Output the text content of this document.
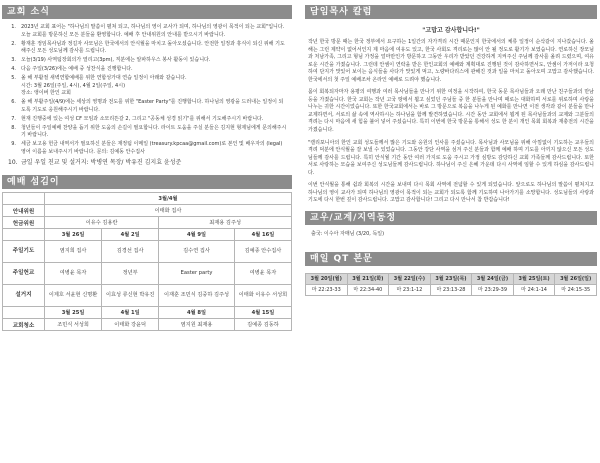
교회 소식
1.	2023년 교회 표어는 "하나님의 말씀이 펼쳐 되고, 하나님의 영이 교사가 되며, 하나님의 영광이 목적이 되는 교회"입니다. 오늘 교회를 방문하신 모든 분들을 환영합니다. 예배 후 안내위원의 안내를 받으시기 바랍니다.
2.	황재훈 정임목사님과 정길자 사모님은 한국에서의 안식월을 마치고 돌아오셨습니다. 안전한 일정과 휴식이 되신 위해 기도해주신 모든 성도님께 감사를 드립니다.
3.	오늘(3/19) 사역팀장회의가 열리고(3pm), 직분에는 알파하우스 봉사 활동이 있습니다.
4.	다음 주일(3/26)에는 예배 중 성찬식을 진행합니다.
5.	올 해 부활절 새벽연합예배를 위한 연합성가대 연습 일정이 아래와 같습니다.
시간: 3월 26일(주일, 4시), 4월 2일(주일, 4시)
장소: 앵이버 한인 교회
6.	올 해 부활주일(4/9)에는 세상의 영명과 전도를 위한 "Easter Party"를 진행합니다. 하나님의 영광을 드러내는 일정이 되도록 기도로 응원해주시기 바랍니다.
7.	현재 진행중에 있는 여성 CF 모임과 소모리뜬갈 2, 그리고 "공동체 성경 읽기"를 위해서 기도해주시기 바랍니다.
8.	청년들이 주일예배 찬양을 돕기 위한 도움의 손길이 필요합니다. 라이트 도움을 주실 분들은 김지현 형제님에게 문의해주시기 바랍니다.
9.	세금 보고용 헌금 내역서가 필요하신 분들은 재정팀 이메일 (treasury.kpcaa@gmail.com)로 본인 및 배우자의 (legal) 영어 이름을 보내주시기 바랍니다. 문의: 김예동 안수집사
10. 금일 우일 친교 및 설거지: 박병연 목장/ 박유진 김지효 윤성준
예배 섬김이
	3월/4월			
안내위원	이태화 집사			
헌금위원	이유수 김용란		최재용 김주성	
	3월 26일	4월 2일	4월 9일	4월 16일
주일기도	염지희 집사	김경선 집사	김수연 집사	김예종 안수집사
주일헌교	여병윤 목자	정년부	Easter party	여병윤 목자
설거지	이제호 서윤현 신명환	이효성 류신현 박유진	이재훈 조민식 김중하 김주성	이태화 이유수 서성희
	3월 25일	4월 1일	4월 8일	4월 15일
교회청소	조민식 서성희	이태화 강윤덕	염지원 최재용	김예종 김동하
담임목사 칼럼
"고맙고 감사합니다!"

작년 한국 방문 때는 한국 정부에서 요구하는 1일간의 자가격리 시간 때문인지 한국에서의 체류 일정이 순삭같이 지나갔습니다. 올 해는 그런 제약이 없어서인지 제 마음에 여유도 있고, 한국 사회도 격리로는 많이 안 될 정도로 활기가 보였습니다. 연로하신 장모님과 처남가족, 그리고 형님 가정을 얼마만인가 방문하고 그동안 우리가 받았던 건강하게 지켜주신 주님께 감사를 올려 드렸으며, 여유로운 시간을 가졌습니다. 그런데 안셈이 연락을 받은 한인교회의 예배와 계획대로 진행된 것이 감사하면서도, 안셈이 가저이라 요청하여 단지가 맛있어 보이는 음식들을 사다가 맛있게 먹고, 노량바다리스에 관해진 것과 일을 마치고 돌아오며 고맙고 감사했습니다. 한국에서의 첫 주일 예배조차 온라인 예배로 드려야 했습니다.

몸이 회복되자마자 용평의 여행과 여러 목사님들을 만나기 위한 여정을 시작하여, 한국 동문 목사님들과 오래 만난 친구들과의 만남 등을 가졌습니다. 한국 교회는 작년 고국 땅에서 뵙고 싶었던 주님들 중 한 분들을 만나며 때로는 대화하며 서로를 위로하며 사랑을 나누는 귀한 시간이었습니다. 또한 한국교회에서는 바로 그 방문으로 복음을 나누게 된 예화를 만나면 이전 생각과 같이 분들을 만나 교제하면서, 서로의 삶 속에 역사하시는 하나님을 함께 발견하였습니다. 시간 동안 교회에서 뵙게 된 목사님들과의 교제와 그분들의 격려는 다시 마음에 새 힘을 불어 넣어 주셨습니다. 특히 이번에 한국 방문을 통해서 성도 한 분이 개인 목회 회복과 재충전의 시간을 가졌습니다.

"캘리포니아의 한인 교회 성도들께서 많은 기도와 응원의 인사를 주셨습니다. 목사님과 사모님을 위해 아낌없이 기도하는 교우들의 격려 덕분에 안식월을 잘 보낼 수 있었습니다. 그동안 강단 사역을 섬겨 주신 분들과 함께 예배 하며 기도를 아끼지 않으신 모든 성도님들께 감사를 드립니다. 특히 안식월 기간 동안 여러 가지로 도움 주시고 가정 심방도 감당하신 교회 가족들께 감사드립니다. 또한 서로 사랑하는 모습을 보여주신 성도님들께 감사드립니다. 하나님이 주신 은혜 가운데 다시 사역에 임할 수 있게 하심을 감사드립니다.

이번 안식월을 통해 쉼과 회복의 시간을 보내며 다시 목회 사역에 전념할 수 있게 되었습니다. 앞으로도 하나님의 말씀이 펼쳐지고 하나님의 영이 교사가 되며 하나님의 영광이 목적이 되는 교회가 되도록 함께 기도하며 나아가기를 소망합니다. 성도님들의 사랑과 기도에 다시 한번 깊이 감사드립니다. 고맙고 감사합니다! 그리고 다시 만나서 참 반갑습니다!

교우/교계/지역동정
출국: 이수아 자매님 (3/20, 독일)
매일 QT 본문
3월 20일(월)	3월 21일(화)	3월 22일(수)	3월 23일(목)	3월 24일(금)	3월 25일(토)	3월 26일(일)
마 22:23-33	마 22:34-40	마 23:1-12	마 23:13-28	마 23:29-39	마 24:1-14	마 24:15-35
